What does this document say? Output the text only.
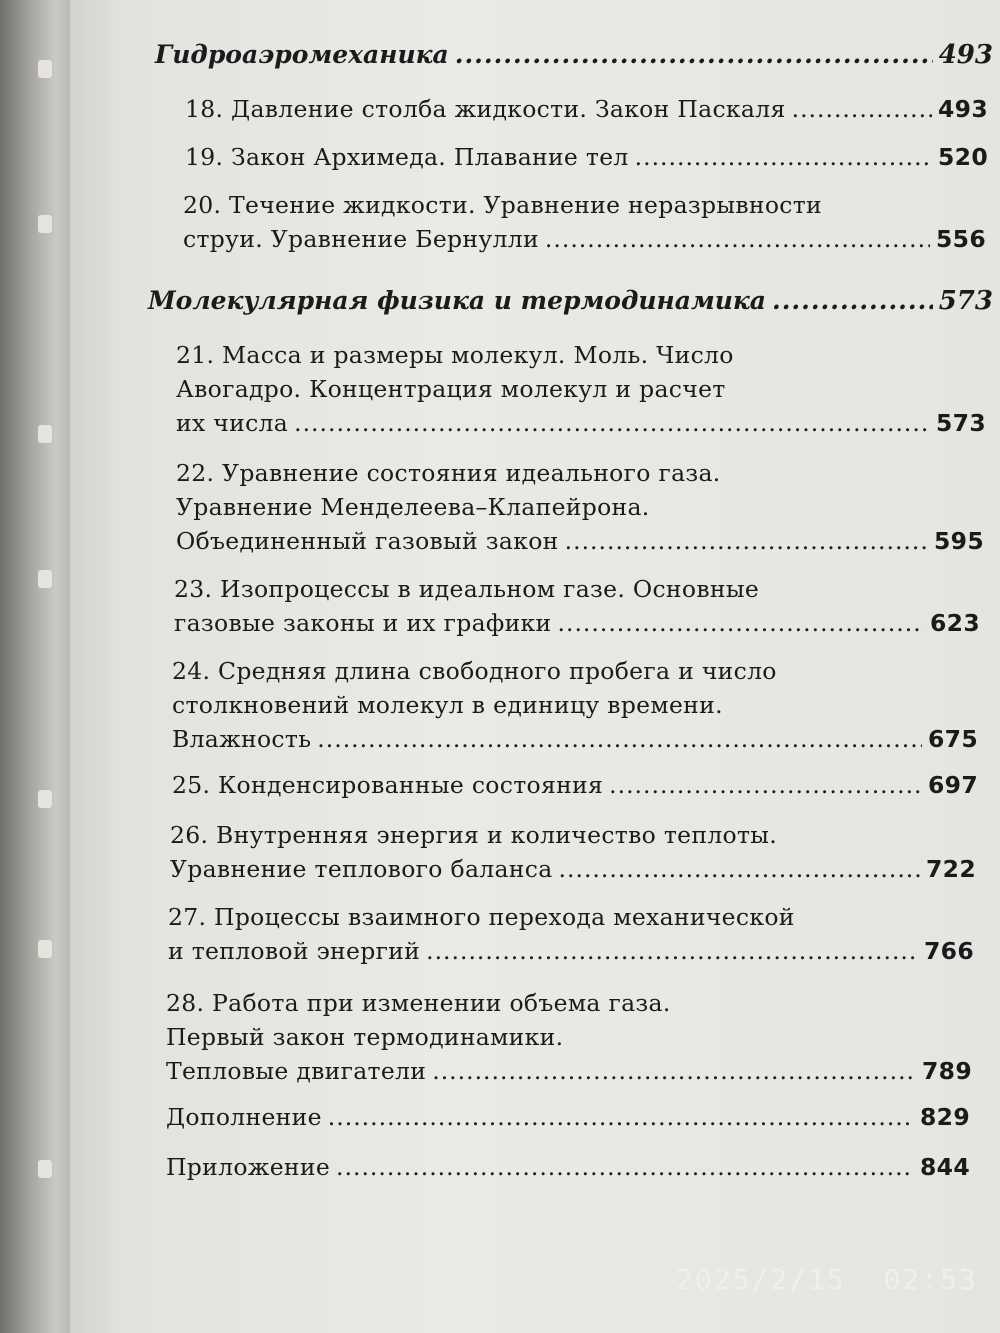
Гидроаэромеханика .....	493
18. Давление столба жидкости. Закон Паскаля .....	493
19. Закон Архимеда. Плавание тел .....	520
20. Течение жидкости. Уравнение неразрывности
струи. Уравнение Бернулли .....	556
Молекулярная физика и термодинамика .....	573
21. Масса и размеры молекул. Моль. Число
Авогадро. Концентрация молекул и расчет
их числа .....	573
22. Уравнение состояния идеального газа.
Уравнение Менделеева–Клапейрона.
Объединенный газовый закон .....	595
23. Изопроцессы в идеальном газе. Основные
газовые законы и их графики .....	623
24. Средняя длина свободного пробега и число
столкновений молекул в единицу времени.
Влажность .....	675
25. Конденсированные состояния .....	697
26. Внутренняя энергия и количество теплоты.
Уравнение теплового баланса .....	722
27. Процессы взаимного перехода механической
и тепловой энергий .....	766
28. Работа при изменении объема газа.
Первый закон термодинамики.
Тепловые двигатели .....	789
Дополнение .....	829
Приложение .....	844
2025/2/15  02:53
